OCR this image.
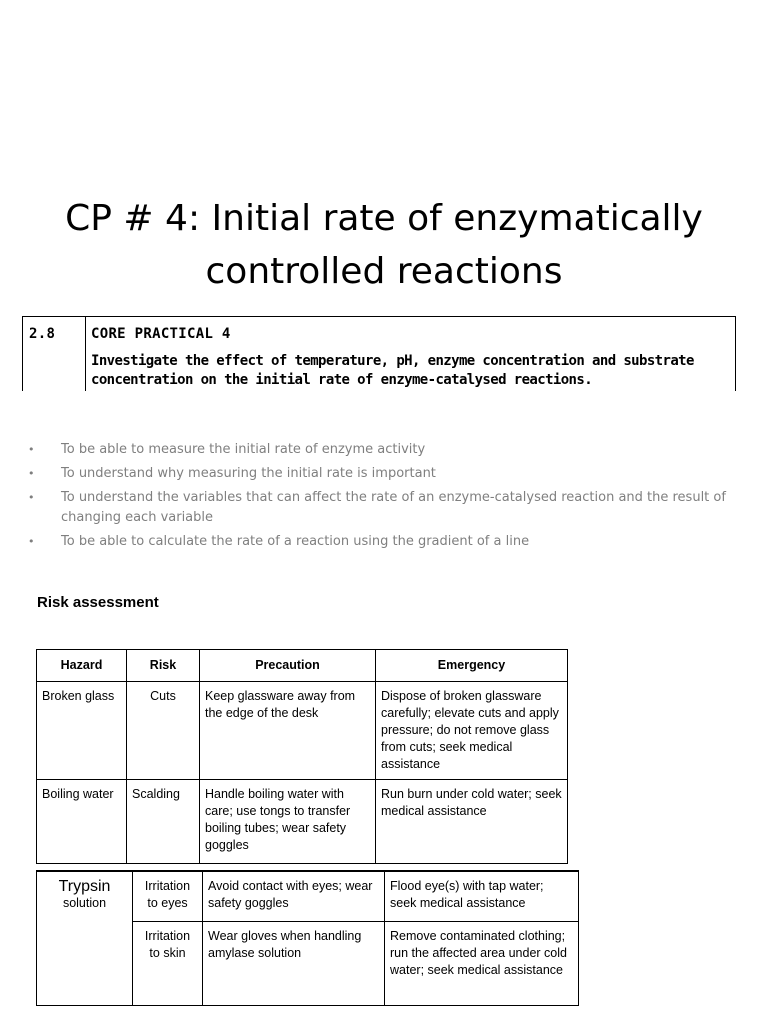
CP # 4: Initial rate of enzymatically
controlled reactions
2.8	CORE PRACTICAL 4
Investigate the effect of temperature, pH, enzyme concentration and substrate concentration on the initial rate of enzyme-catalysed reactions.
• To be able to measure the initial rate of enzyme activity
• To understand why measuring the initial rate is important
• To understand the variables that can affect the rate of an enzyme-catalysed reaction and the result of changing each variable
• To be able to calculate the rate of a reaction using the gradient of a line
Risk assessment
Hazard	Risk	Precaution	Emergency
Broken glass	Cuts	Keep glassware away from the edge of the desk	Dispose of broken glassware carefully; elevate cuts and apply pressure; do not remove glass from cuts; seek medical assistance
Boiling water	Scalding	Handle boiling water with care; use tongs to transfer boiling tubes; wear safety goggles	Run burn under cold water; seek medical assistance
Trypsin
solution	Irritation to eyes	Avoid contact with eyes; wear safety goggles	Flood eye(s) with tap water; seek medical assistance
	Irritation to skin	Wear gloves when handling amylase solution	Remove contaminated clothing; run the affected area under cold water; seek medical assistance
